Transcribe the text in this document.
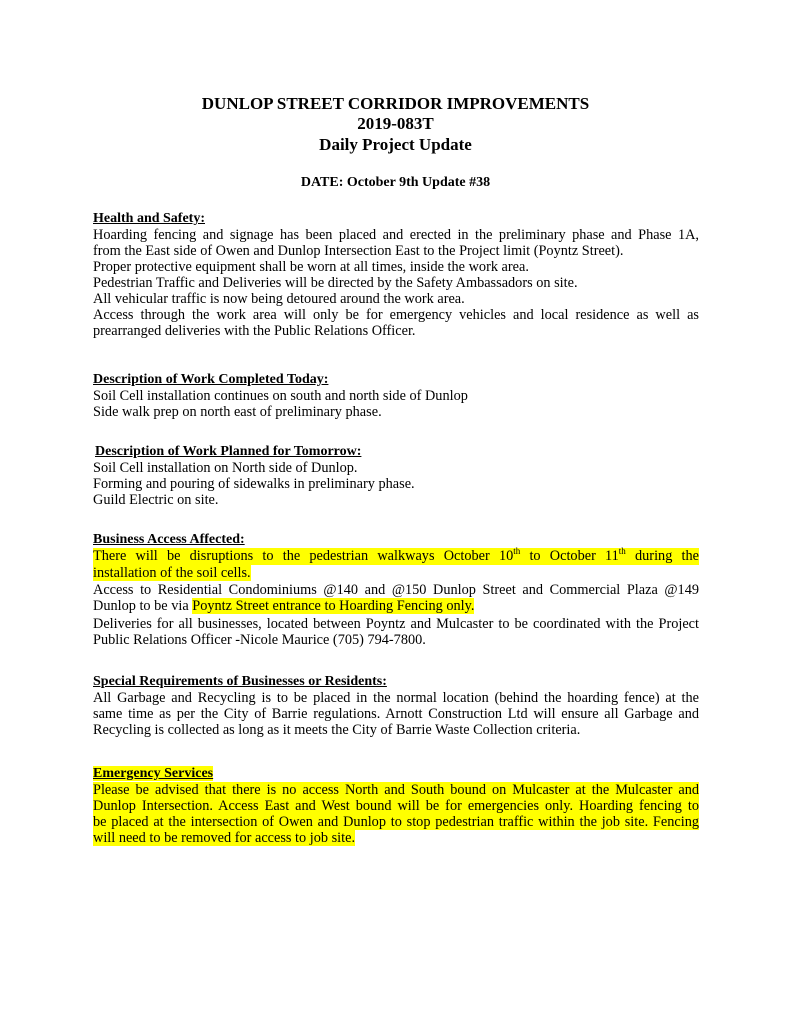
DUNLOP STREET CORRIDOR IMPROVEMENTS
2019-083T
Daily Project Update
DATE: October 9th Update #38
Health and Safety:
Hoarding fencing and signage has been placed and erected in the preliminary phase and Phase 1A,
from the East side of Owen and Dunlop Intersection East to the Project limit (Poyntz Street).
Proper protective equipment shall be worn at all times, inside the work area.
Pedestrian Traffic and Deliveries will be directed by the Safety Ambassadors on site.
All vehicular traffic is now being detoured around the work area.
Access through the work area will only be for emergency vehicles and local residence as well as
prearranged deliveries with the Public Relations Officer.
Description of Work Completed Today:
Soil Cell installation continues on south and north side of Dunlop
Side walk prep on north east of preliminary phase.
Description of Work Planned for Tomorrow:
Soil Cell installation on North side of Dunlop.
Forming and pouring of sidewalks in preliminary phase.
Guild Electric on site.
Business Access Affected:
There will be disruptions to the pedestrian walkways October 10th to October 11th during the
installation of the soil cells.
Access to Residential Condominiums @140 and @150 Dunlop Street and Commercial Plaza @149
Dunlop to be via Poyntz Street entrance to Hoarding Fencing only.
Deliveries for all businesses, located between Poyntz and Mulcaster to be coordinated with the Project
Public Relations Officer -Nicole Maurice (705) 794-7800.
Special Requirements of Businesses or Residents:
All Garbage and Recycling is to be placed in the normal location (behind the hoarding fence) at the
same time as per the City of Barrie regulations. Arnott Construction Ltd will ensure all Garbage and
Recycling is collected as long as it meets the City of Barrie Waste Collection criteria.
Emergency Services
Please be advised that there is no access North and South bound on Mulcaster at the Mulcaster and
Dunlop Intersection. Access East and West bound will be for emergencies only. Hoarding fencing to
be placed at the intersection of Owen and Dunlop to stop pedestrian traffic within the job site. Fencing
will need to be removed for access to job site.
